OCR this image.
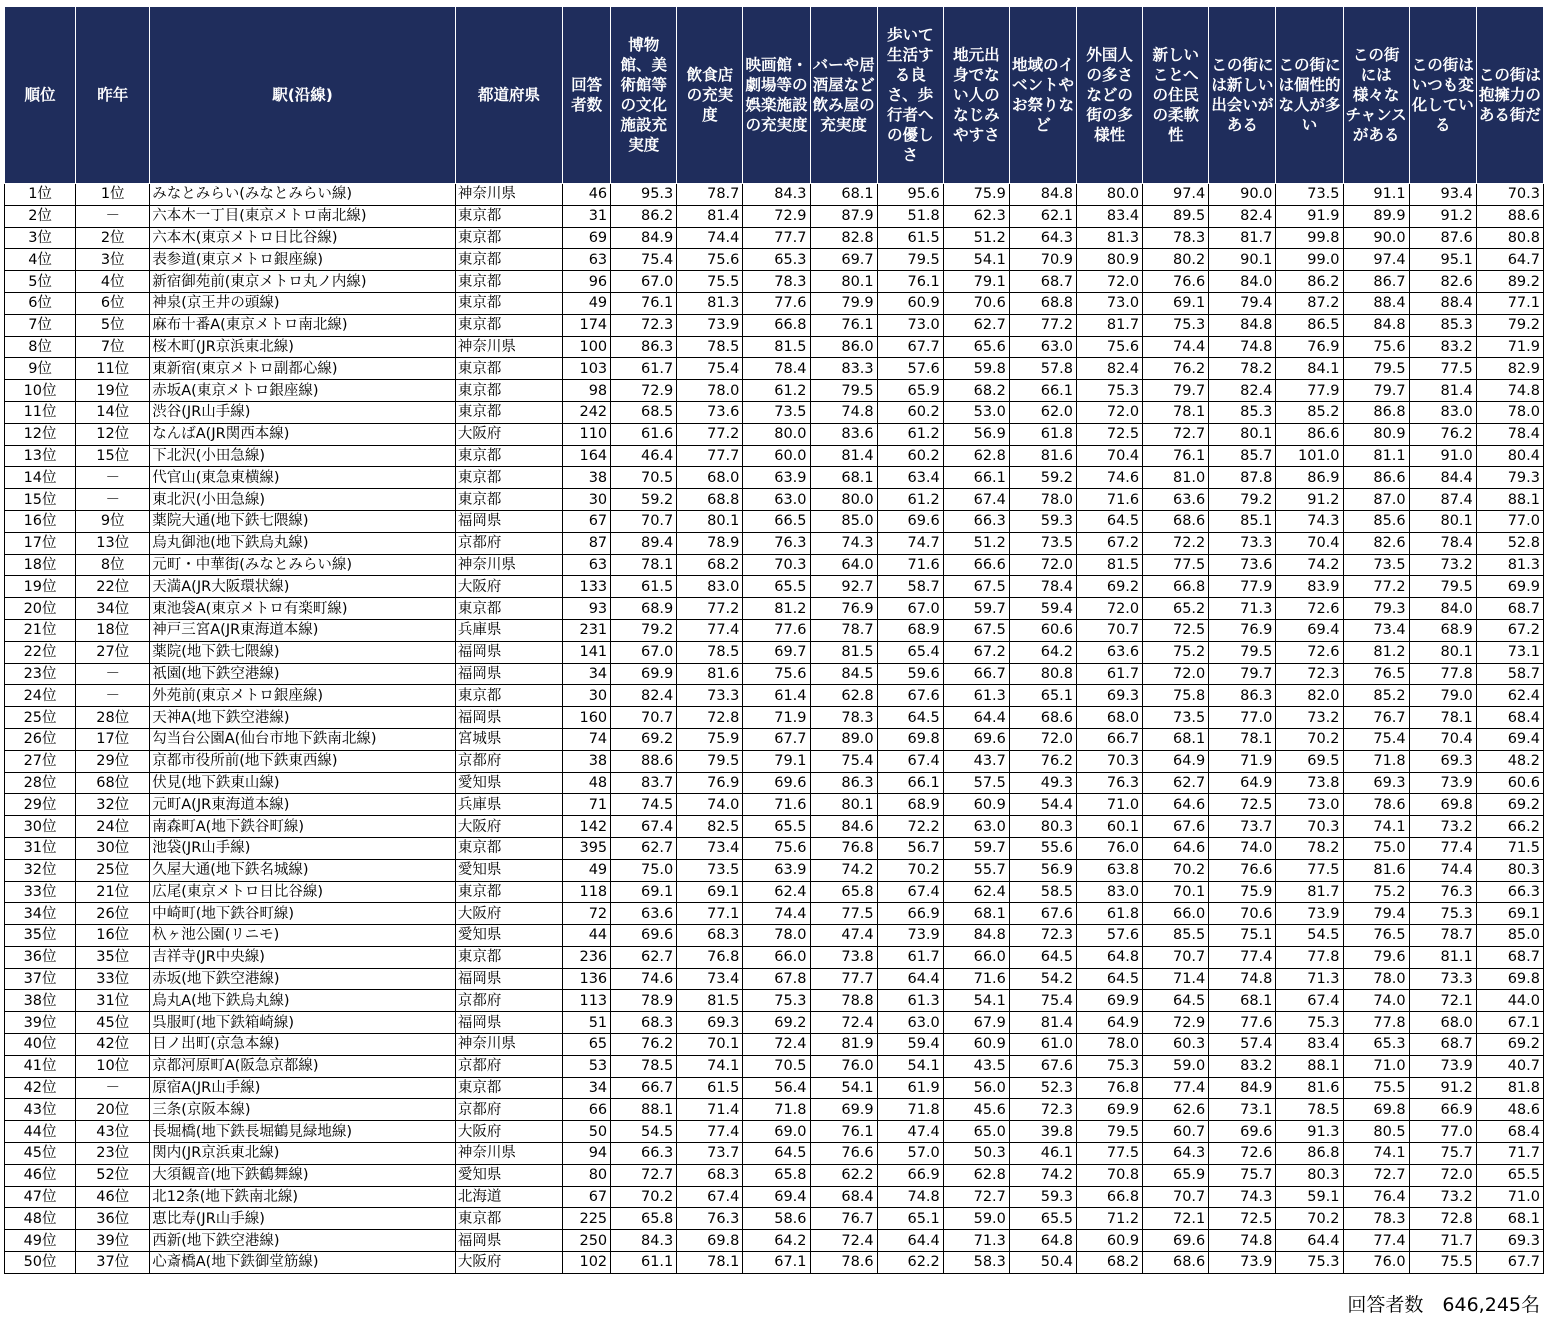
順位	昨年	駅(沿線)	都道府県	回答者数	博物館、美術館等の文化施設充実度	飲食店の充実度	映画館・劇場等の娯楽施設の充実度	バーや居酒屋など飲み屋の充実度	歩いて生活する良さ、歩行者への優しさ	地元出身でない人のなじみやすさ	地域のイベントやお祭りなど	外国人の多さなどの街の多様性	新しいことへの住民の柔軟性	この街には新しい出会いがある	この街には個性的な人が多い	この街には様々なチャンスがある	この街はいつも変化している	この街は抱擁力のある街だ
1位	1位	みなとみらい(みなとみらい線)	神奈川県	46	95.3	78.7	84.3	68.1	95.6	75.9	84.8	80.0	97.4	90.0	73.5	91.1	93.4	70.3
2位	－	六本木一丁目(東京メトロ南北線)	東京都	31	86.2	81.4	72.9	87.9	51.8	62.3	62.1	83.4	89.5	82.4	91.9	89.9	91.2	88.6
3位	2位	六本木(東京メトロ日比谷線)	東京都	69	84.9	74.4	77.7	82.8	61.5	51.2	64.3	81.3	78.3	81.7	99.8	90.0	87.6	80.8
4位	3位	表参道(東京メトロ銀座線)	東京都	63	75.4	75.6	65.3	69.7	79.5	54.1	70.9	80.9	80.2	90.1	99.0	97.4	95.1	64.7
5位	4位	新宿御苑前(東京メトロ丸ノ内線)	東京都	96	67.0	75.5	78.3	80.1	76.1	79.1	68.7	72.0	76.6	84.0	86.2	86.7	82.6	89.2
6位	6位	神泉(京王井の頭線)	東京都	49	76.1	81.3	77.6	79.9	60.9	70.6	68.8	73.0	69.1	79.4	87.2	88.4	88.4	77.1
7位	5位	麻布十番A(東京メトロ南北線)	東京都	174	72.3	73.9	66.8	76.1	73.0	62.7	77.2	81.7	75.3	84.8	86.5	84.8	85.3	79.2
8位	7位	桜木町(JR京浜東北線)	神奈川県	100	86.3	78.5	81.5	86.0	67.7	65.6	63.0	75.6	74.4	74.8	76.9	75.6	83.2	71.9
9位	11位	東新宿(東京メトロ副都心線)	東京都	103	61.7	75.4	78.4	83.3	57.6	59.8	57.8	82.4	76.2	78.2	84.1	79.5	77.5	82.9
10位	19位	赤坂A(東京メトロ銀座線)	東京都	98	72.9	78.0	61.2	79.5	65.9	68.2	66.1	75.3	79.7	82.4	77.9	79.7	81.4	74.8
11位	14位	渋谷(JR山手線)	東京都	242	68.5	73.6	73.5	74.8	60.2	53.0	62.0	72.0	78.1	85.3	85.2	86.8	83.0	78.0
12位	12位	なんばA(JR関西本線)	大阪府	110	61.6	77.2	80.0	83.6	61.2	56.9	61.8	72.5	72.7	80.1	86.6	80.9	76.2	78.4
13位	15位	下北沢(小田急線)	東京都	164	46.4	77.7	60.0	81.4	60.2	62.8	81.6	70.4	76.1	85.7	101.0	81.1	91.0	80.4
14位	－	代官山(東急東横線)	東京都	38	70.5	68.0	63.9	68.1	63.4	66.1	59.2	74.6	81.0	87.8	86.9	86.6	84.4	79.3
15位	－	東北沢(小田急線)	東京都	30	59.2	68.8	63.0	80.0	61.2	67.4	78.0	71.6	63.6	79.2	91.2	87.0	87.4	88.1
16位	9位	薬院大通(地下鉄七隈線)	福岡県	67	70.7	80.1	66.5	85.0	69.6	66.3	59.3	64.5	68.6	85.1	74.3	85.6	80.1	77.0
17位	13位	烏丸御池(地下鉄烏丸線)	京都府	87	89.4	78.9	76.3	74.3	74.7	51.2	73.5	67.2	72.2	73.3	70.4	82.6	78.4	52.8
18位	8位	元町・中華街(みなとみらい線)	神奈川県	63	78.1	68.2	70.3	64.0	71.6	66.6	72.0	81.5	77.5	73.6	74.2	73.5	73.2	81.3
19位	22位	天満A(JR大阪環状線)	大阪府	133	61.5	83.0	65.5	92.7	58.7	67.5	78.4	69.2	66.8	77.9	83.9	77.2	79.5	69.9
20位	34位	東池袋A(東京メトロ有楽町線)	東京都	93	68.9	77.2	81.2	76.9	67.0	59.7	59.4	72.0	65.2	71.3	72.6	79.3	84.0	68.7
21位	18位	神戸三宮A(JR東海道本線)	兵庫県	231	79.2	77.4	77.6	78.7	68.9	67.5	60.6	70.7	72.5	76.9	69.4	73.4	68.9	67.2
22位	27位	薬院(地下鉄七隈線)	福岡県	141	67.0	78.5	69.7	81.5	65.4	67.2	64.2	63.6	75.2	79.5	72.6	81.2	80.1	73.1
23位	－	祇園(地下鉄空港線)	福岡県	34	69.9	81.6	75.6	84.5	59.6	66.7	80.8	61.7	72.0	79.7	72.3	76.5	77.8	58.7
24位	－	外苑前(東京メトロ銀座線)	東京都	30	82.4	73.3	61.4	62.8	67.6	61.3	65.1	69.3	75.8	86.3	82.0	85.2	79.0	62.4
25位	28位	天神A(地下鉄空港線)	福岡県	160	70.7	72.8	71.9	78.3	64.5	64.4	68.6	68.0	73.5	77.0	73.2	76.7	78.1	68.4
26位	17位	勾当台公園A(仙台市地下鉄南北線)	宮城県	74	69.2	75.9	67.7	89.0	69.8	69.6	72.0	66.7	68.1	78.1	70.2	75.4	70.4	69.4
27位	29位	京都市役所前(地下鉄東西線)	京都府	38	88.6	79.5	79.1	75.4	67.4	43.7	76.2	70.3	64.9	71.9	69.5	71.8	69.3	48.2
28位	68位	伏見(地下鉄東山線)	愛知県	48	83.7	76.9	69.6	86.3	66.1	57.5	49.3	76.3	62.7	64.9	73.8	69.3	73.9	60.6
29位	32位	元町A(JR東海道本線)	兵庫県	71	74.5	74.0	71.6	80.1	68.9	60.9	54.4	71.0	64.6	72.5	73.0	78.6	69.8	69.2
30位	24位	南森町A(地下鉄谷町線)	大阪府	142	67.4	82.5	65.5	84.6	72.2	63.0	80.3	60.1	67.6	73.7	70.3	74.1	73.2	66.2
31位	30位	池袋(JR山手線)	東京都	395	62.7	73.4	75.6	76.8	56.7	59.7	55.6	76.0	64.6	74.0	78.2	75.0	77.4	71.5
32位	25位	久屋大通(地下鉄名城線)	愛知県	49	75.0	73.5	63.9	74.2	70.2	55.7	56.9	63.8	70.2	76.6	77.5	81.6	74.4	80.3
33位	21位	広尾(東京メトロ日比谷線)	東京都	118	69.1	69.1	62.4	65.8	67.4	62.4	58.5	83.0	70.1	75.9	81.7	75.2	76.3	66.3
34位	26位	中崎町(地下鉄谷町線)	大阪府	72	63.6	77.1	74.4	77.5	66.9	68.1	67.6	61.8	66.0	70.6	73.9	79.4	75.3	69.1
35位	16位	杁ヶ池公園(リニモ)	愛知県	44	69.6	68.3	78.0	47.4	73.9	84.8	72.3	57.6	85.5	75.1	54.5	76.5	78.7	85.0
36位	35位	吉祥寺(JR中央線)	東京都	236	62.7	76.8	66.0	73.8	61.7	66.0	64.5	64.8	70.7	77.4	77.8	79.6	81.1	68.7
37位	33位	赤坂(地下鉄空港線)	福岡県	136	74.6	73.4	67.8	77.7	64.4	71.6	54.2	64.5	71.4	74.8	71.3	78.0	73.3	69.8
38位	31位	烏丸A(地下鉄烏丸線)	京都府	113	78.9	81.5	75.3	78.8	61.3	54.1	75.4	69.9	64.5	68.1	67.4	74.0	72.1	44.0
39位	45位	呉服町(地下鉄箱崎線)	福岡県	51	68.3	69.3	69.2	72.4	63.0	67.9	81.4	64.9	72.9	77.6	75.3	77.8	68.0	67.1
40位	42位	日ノ出町(京急本線)	神奈川県	65	76.2	70.1	72.4	81.9	59.4	60.9	61.0	78.0	60.3	57.4	83.4	65.3	68.7	69.2
41位	10位	京都河原町A(阪急京都線)	京都府	53	78.5	74.1	70.5	76.0	54.1	43.5	67.6	75.3	59.0	83.2	88.1	71.0	73.9	40.7
42位	－	原宿A(JR山手線)	東京都	34	66.7	61.5	56.4	54.1	61.9	56.0	52.3	76.8	77.4	84.9	81.6	75.5	91.2	81.8
43位	20位	三条(京阪本線)	京都府	66	88.1	71.4	71.8	69.9	71.8	45.6	72.3	69.9	62.6	73.1	78.5	69.8	66.9	48.6
44位	43位	長堀橋(地下鉄長堀鶴見緑地線)	大阪府	50	54.5	77.4	69.0	76.1	47.4	65.0	39.8	79.5	60.7	69.6	91.3	80.5	77.0	68.4
45位	23位	関内(JR京浜東北線)	神奈川県	94	66.3	73.7	64.5	76.6	57.0	50.3	46.1	77.5	64.3	72.6	86.8	74.1	75.7	71.7
46位	52位	大須観音(地下鉄鶴舞線)	愛知県	80	72.7	68.3	65.8	62.2	66.9	62.8	74.2	70.8	65.9	75.7	80.3	72.7	72.0	65.5
47位	46位	北12条(地下鉄南北線)	北海道	67	70.2	67.4	69.4	68.4	74.8	72.7	59.3	66.8	70.7	74.3	59.1	76.4	73.2	71.0
48位	36位	恵比寿(JR山手線)	東京都	225	65.8	76.3	58.6	76.7	65.1	59.0	65.5	71.2	72.1	72.5	70.2	78.3	72.8	68.1
49位	39位	西新(地下鉄空港線)	福岡県	250	84.3	69.8	64.2	72.4	64.4	71.3	64.8	60.9	69.6	74.8	64.4	77.4	71.7	69.3
50位	37位	心斎橋A(地下鉄御堂筋線)	大阪府	102	61.1	78.1	67.1	78.6	62.2	58.3	50.4	68.2	68.6	73.9	75.3	76.0	75.5	67.7
回答者数　646,245名
